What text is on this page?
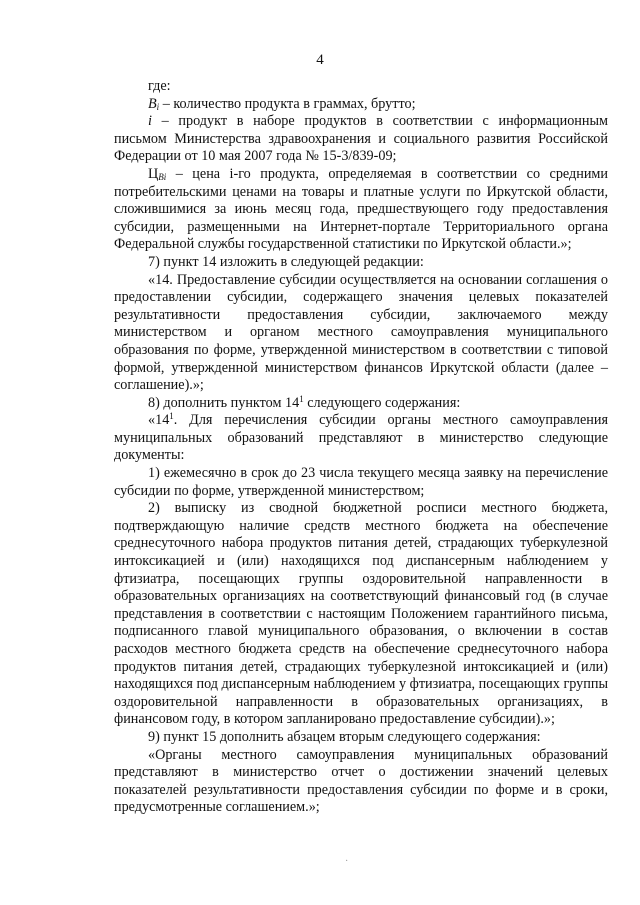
4

где:

$B_i$ – количество продукта в граммах, брутто;

i – продукт в наборе продуктов в соответствии с информационным письмом Министерства здравоохранения и социального развития Российской Федерации от 10 мая 2007 года № 15-3/839-09;

$Ц_{Bi}$ – цена i-го продукта, определяемая в соответствии со средними потребительскими ценами на товары и платные услуги по Иркутской области, сложившимися за июнь месяц года, предшествующего году предоставления субсидии, размещенными на Интернет-портале Территориального органа Федеральной службы государственной статистики по Иркутской области.»;

7) пункт 14 изложить в следующей редакции:

«14. Предоставление субсидии осуществляется на основании соглашения о предоставлении субсидии, содержащего значения целевых показателей результативности предоставления субсидии, заключаемого между министерством и органом местного самоуправления муниципального образования по форме, утвержденной министерством в соответствии с типовой формой, утвержденной министерством финансов Иркутской области (далее – соглашение).»;

8) дополнить пунктом $14^1$ следующего содержания:

«$14^1$. Для перечисления субсидии органы местного самоуправления муниципальных образований представляют в министерство следующие документы:

1) ежемесячно в срок до 23 числа текущего месяца заявку на перечисление субсидии по форме, утвержденной министерством;

2) выписку из сводной бюджетной росписи местного бюджета, подтверждающую наличие средств местного бюджета на обеспечение среднесуточного набора продуктов питания детей, страдающих туберкулезной интоксикацией и (или) находящихся под диспансерным наблюдением у фтизиатра, посещающих группы оздоровительной направленности в образовательных организациях на соответствующий финансовый год (в случае представления в соответствии с настоящим Положением гарантийного письма, подписанного главой муниципального образования, о включении в состав расходов местного бюджета средств на обеспечение среднесуточного набора продуктов питания детей, страдающих туберкулезной интоксикацией и (или) находящихся под диспансерным наблюдением у фтизиатра, посещающих группы оздоровительной направленности в образовательных организациях, в финансовом году, в котором запланировано предоставление субсидии).»;

9) пункт 15 дополнить абзацем вторым следующего содержания:

«Органы местного самоуправления муниципальных образований представляют в министерство отчет о достижении значений целевых показателей результативности предоставления субсидии по форме и в сроки, предусмотренные соглашением.»;

·
